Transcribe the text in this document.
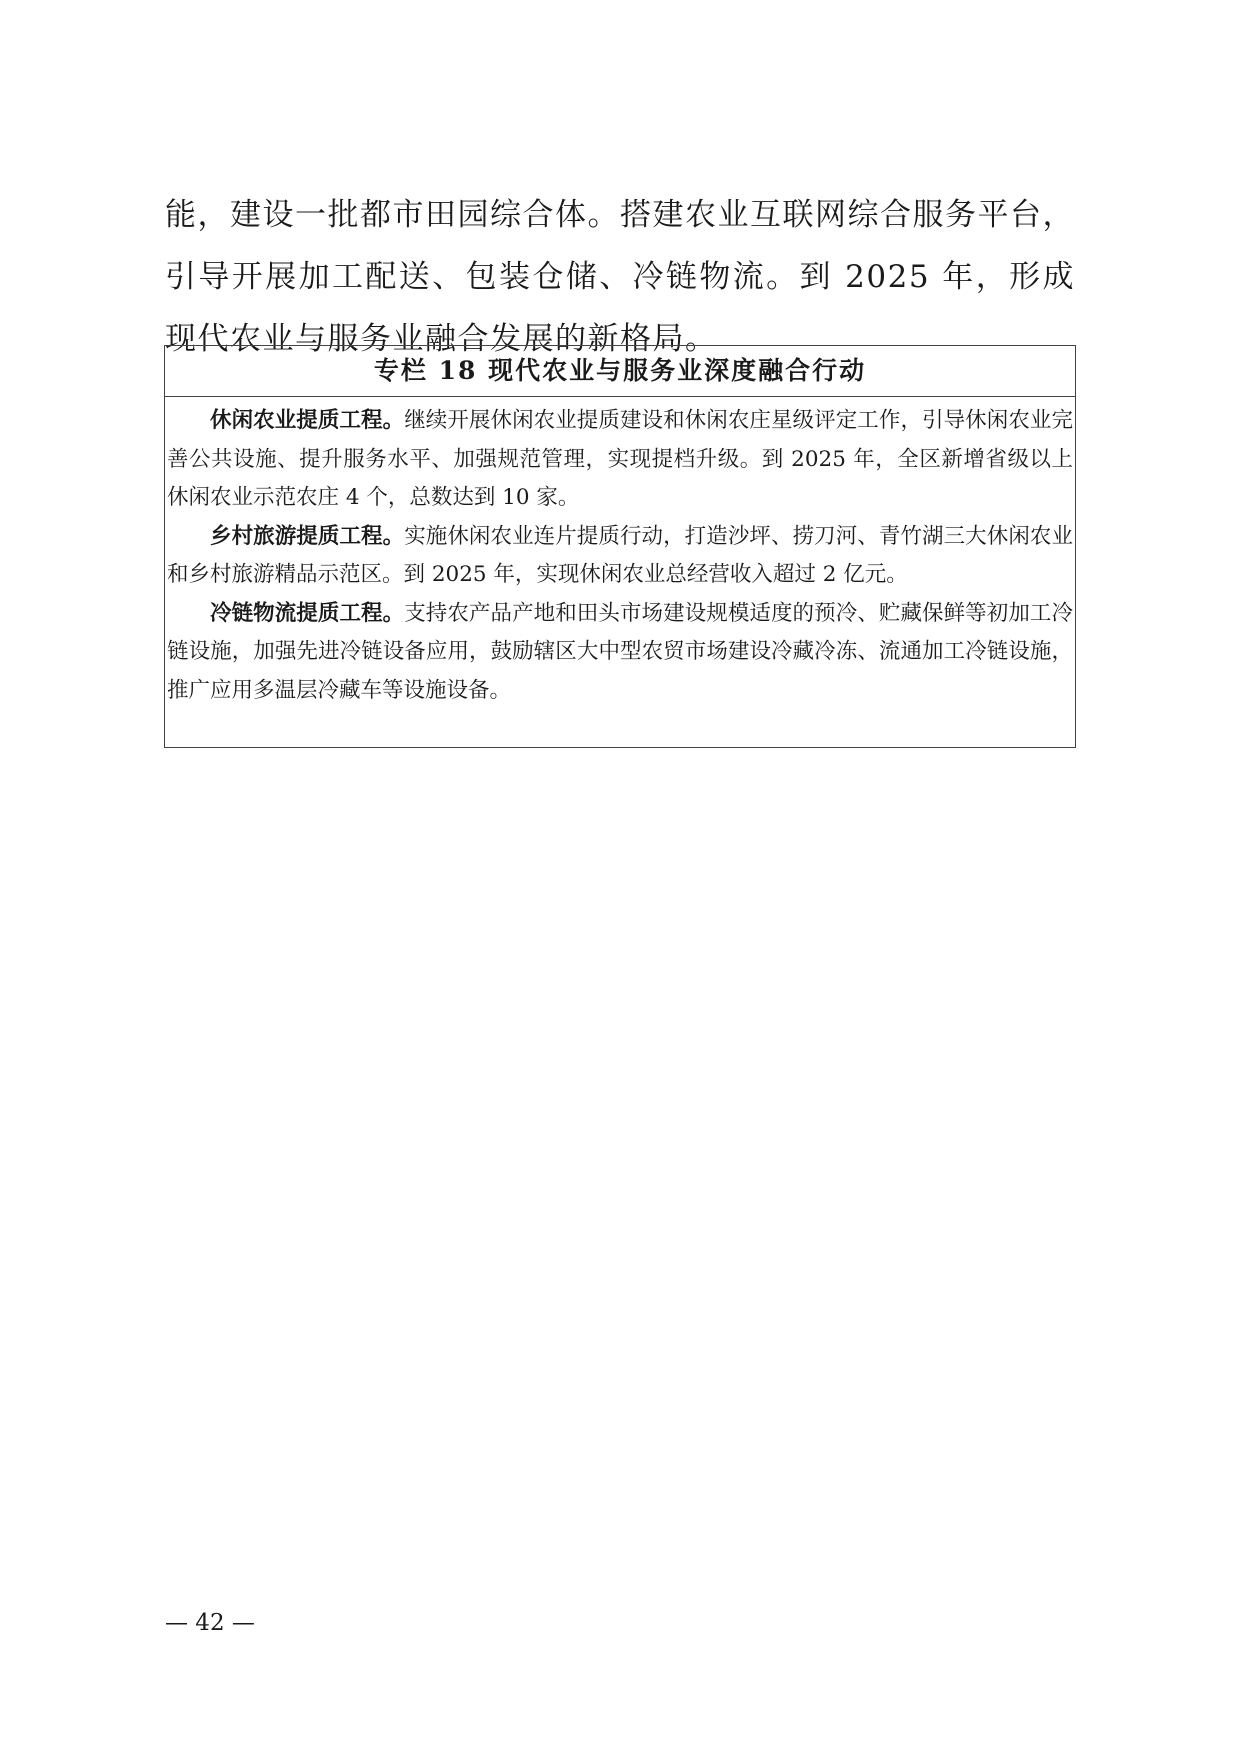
能，建设一批都市田园综合体。搭建农业互联网综合服务平台，引导开展加工配送、包装仓储、冷链物流。到 2025 年，形成现代农业与服务业融合发展的新格局。
专栏 18 现代农业与服务业深度融合行动

休闲农业提质工程。继续开展休闲农业提质建设和休闲农庄星级评定工作，引导休闲农业完善公共设施、提升服务水平、加强规范管理，实现提档升级。到 2025 年，全区新增省级以上休闲农业示范农庄 4 个，总数达到 10 家。

乡村旅游提质工程。实施休闲农业连片提质行动，打造沙坪、捞刀河、青竹湖三大休闲农业和乡村旅游精品示范区。到 2025 年，实现休闲农业总经营收入超过 2 亿元。

冷链物流提质工程。支持农产品产地和田头市场建设规模适度的预冷、贮藏保鲜等初加工冷链设施，加强先进冷链设备应用，鼓励辖区大中型农贸市场建设冷藏冷冻、流通加工冷链设施，推广应用多温层冷藏车等设施设备。

— 42 —
